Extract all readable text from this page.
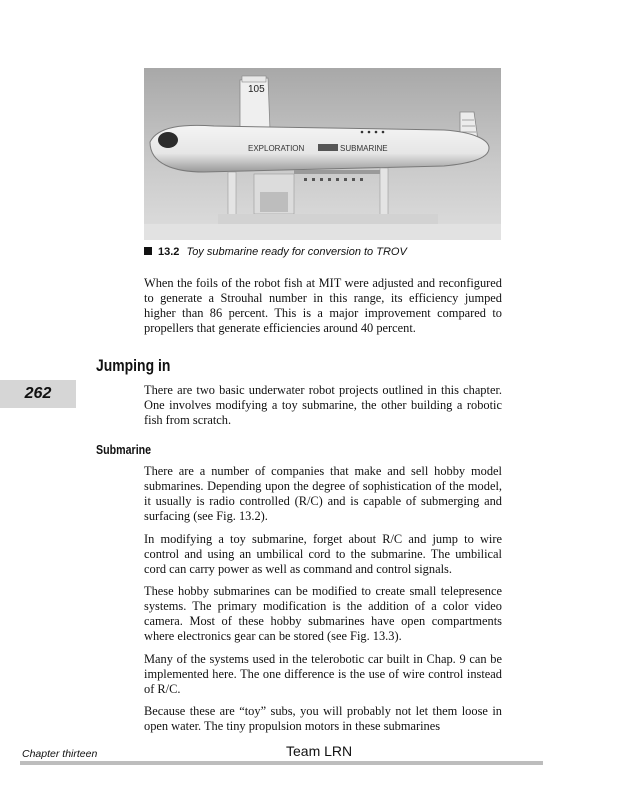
105
EXPLORATION	SUBMARINE
13.2 Toy submarine ready for conversion to TROV

When the foils of the robot fish at MIT were adjusted and reconfigured to generate a Strouhal number in this range, its efficiency jumped higher than 86 percent. This is a major improvement compared to propellers that generate efficiencies around 40 percent.

Jumping in
262	There are two basic underwater robot projects outlined in this chapter. One involves modifying a toy submarine, the other building a robotic fish from scratch.

Submarine

There are a number of companies that make and sell hobby model submarines. Depending upon the degree of sophistication of the model, it usually is radio controlled (R/C) and is capable of submerging and surfacing (see Fig. 13.2).

In modifying a toy submarine, forget about R/C and jump to wire control and using an umbilical cord to the submarine. The umbilical cord can carry power as well as command and control signals.

These hobby submarines can be modified to create small telepresence systems. The primary modification is the addition of a color video camera. Most of these hobby submarines have open compartments where electronics gear can be stored (see Fig. 13.3).

Many of the systems used in the telerobotic car built in Chap. 9 can be implemented here. The one difference is the use of wire control instead of R/C.

Because these are “toy” subs, you will probably not let them loose in open water. The tiny propulsion motors in these submarines

Chapter thirteen	Team LRN
